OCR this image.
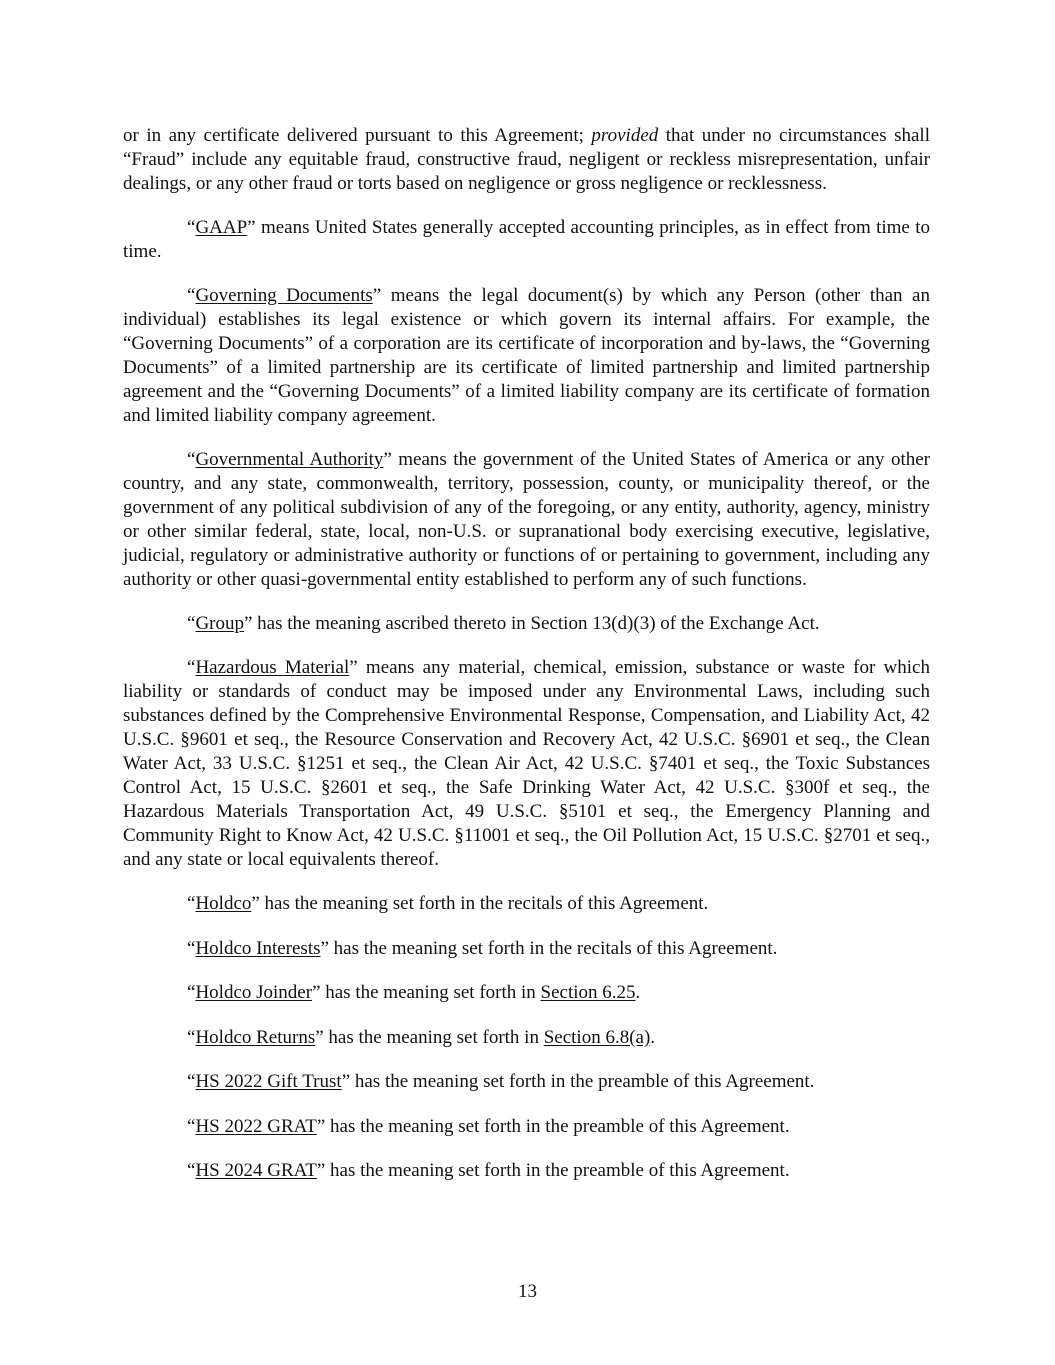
or in any certificate delivered pursuant to this Agreement; provided that under no circumstances shall “Fraud” include any equitable fraud, constructive fraud, negligent or reckless misrepresentation, unfair dealings, or any other fraud or torts based on negligence or gross negligence or recklessness.

“GAAP” means United States generally accepted accounting principles, as in effect from time to time.

“Governing Documents” means the legal document(s) by which any Person (other than an individual) establishes its legal existence or which govern its internal affairs. For example, the “Governing Documents” of a corporation are its certificate of incorporation and by-laws, the “Governing Documents” of a limited partnership are its certificate of limited partnership and limited partnership agreement and the “Governing Documents” of a limited liability company are its certificate of formation and limited liability company agreement.

“Governmental Authority” means the government of the United States of America or any other country, and any state, commonwealth, territory, possession, county, or municipality thereof, or the government of any political subdivision of any of the foregoing, or any entity, authority, agency, ministry or other similar federal, state, local, non-U.S. or supranational body exercising executive, legislative, judicial, regulatory or administrative authority or functions of or pertaining to government, including any authority or other quasi-governmental entity established to perform any of such functions.

“Group” has the meaning ascribed thereto in Section 13(d)(3) of the Exchange Act.

“Hazardous Material” means any material, chemical, emission, substance or waste for which liability or standards of conduct may be imposed under any Environmental Laws, including such substances defined by the Comprehensive Environmental Response, Compensation, and Liability Act, 42 U.S.C. §9601 et seq., the Resource Conservation and Recovery Act, 42 U.S.C. §6901 et seq., the Clean Water Act, 33 U.S.C. §1251 et seq., the Clean Air Act, 42 U.S.C. §7401 et seq., the Toxic Substances Control Act, 15 U.S.C. §2601 et seq., the Safe Drinking Water Act, 42 U.S.C. §300f et seq., the Hazardous Materials Transportation Act, 49 U.S.C. §5101 et seq., the Emergency Planning and Community Right to Know Act, 42 U.S.C. §11001 et seq., the Oil Pollution Act, 15 U.S.C. §2701 et seq., and any state or local equivalents thereof.

“Holdco” has the meaning set forth in the recitals of this Agreement.

“Holdco Interests” has the meaning set forth in the recitals of this Agreement.

“Holdco Joinder” has the meaning set forth in Section 6.25.

“Holdco Returns” has the meaning set forth in Section 6.8(a).

“HS 2022 Gift Trust” has the meaning set forth in the preamble of this Agreement.

“HS 2022 GRAT” has the meaning set forth in the preamble of this Agreement.

“HS 2024 GRAT” has the meaning set forth in the preamble of this Agreement.

13
